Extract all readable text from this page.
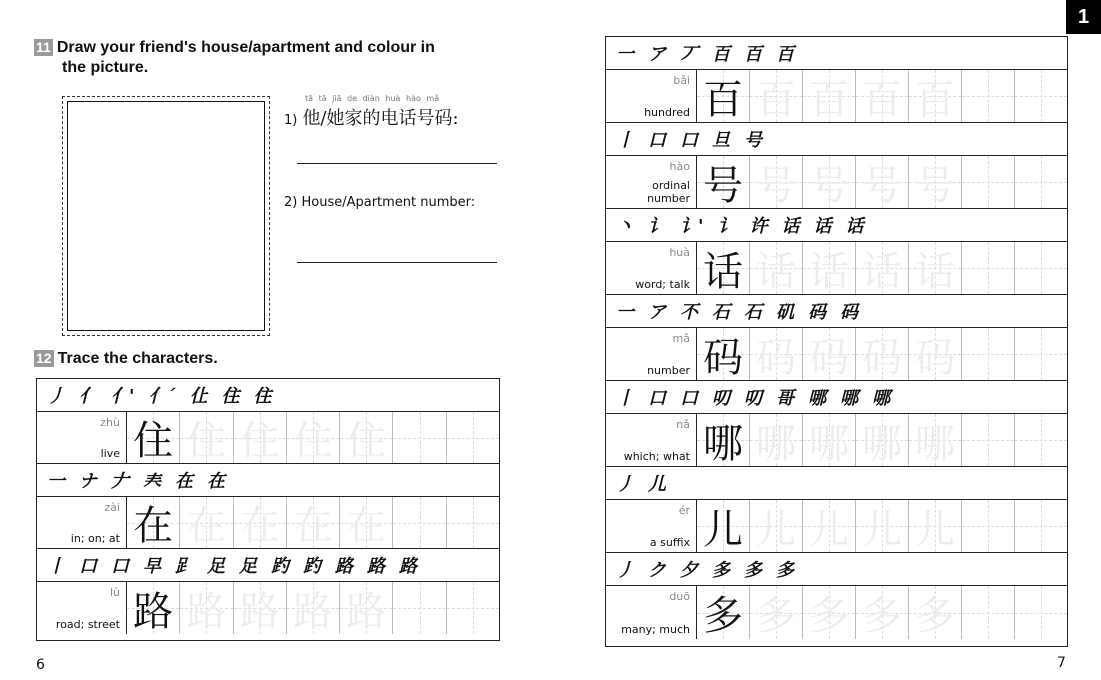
11 Draw your friend's house/apartment and colour in
the picture.
tā tā jiā de diàn huà hào mǎ
1) 他/她家的电话号码:
2) House/Apartment number:
12 Trace the characters.
丿 亻 亻' 亻ˊ 仩 住 住
zhù
live 住 住 住 住 住
一 ナ 𠂇 𡗗 在 在
zài
in; on; at 在 在 在 在 在
丨 口 口 早 𧾷 足 足 趵 趵 路 路 路
lù
road; street 路 路 路 路 路
6
1
一 ア 丆 百 百 百
bǎi
hundred 百 百 百 百 百
丨 口 口 旦 号
hào
ordinal number 号 号 号 号 号
丶 讠 讠' 讠 许 话 话 话
huà
word; talk 话 话 话 话 话
一 ア 不 石 石 矶 码 码
mǎ
number 码 码 码 码 码
丨 口 口 叨 叨 哥 哪 哪 哪
nǎ
which; what 哪 哪 哪 哪 哪
丿 儿
ér
a suffix 儿 儿 儿 儿 儿
丿 ク 夕 多 多 多
duō
many; much 多 多 多 多 多
7
